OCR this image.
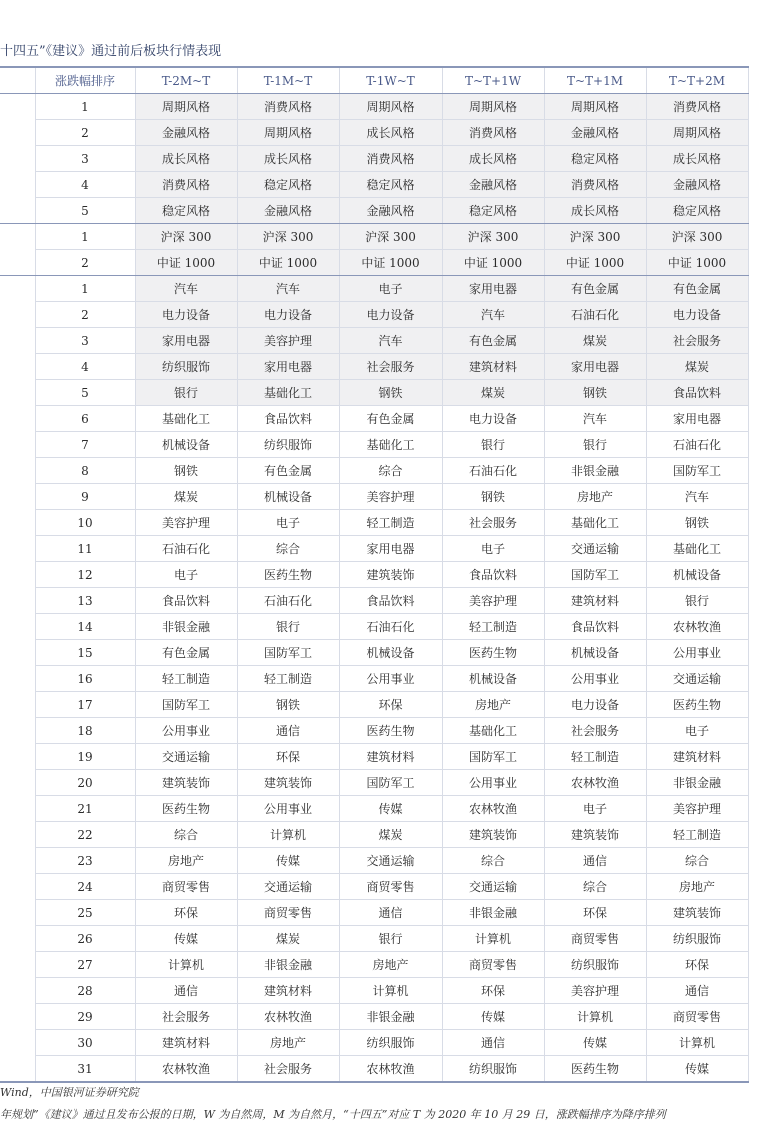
十四五”《建议》通过前后板块行情表现
	涨跌幅排序	T-2M~T	T-1M~T	T-1W~T	T~T+1W	T~T+1M	T~T+2M
	1	周期风格	消费风格	周期风格	周期风格	周期风格	消费风格
	2	金融风格	周期风格	成长风格	消费风格	金融风格	周期风格
	3	成长风格	成长风格	消费风格	成长风格	稳定风格	成长风格
	4	消费风格	稳定风格	稳定风格	金融风格	消费风格	金融风格
	5	稳定风格	金融风格	金融风格	稳定风格	成长风格	稳定风格
	1	沪深 300	沪深 300	沪深 300	沪深 300	沪深 300	沪深 300
	2	中证 1000	中证 1000	中证 1000	中证 1000	中证 1000	中证 1000
	1	汽车	汽车	电子	家用电器	有色金属	有色金属
	2	电力设备	电力设备	电力设备	汽车	石油石化	电力设备
	3	家用电器	美容护理	汽车	有色金属	煤炭	社会服务
	4	纺织服饰	家用电器	社会服务	建筑材料	家用电器	煤炭
	5	银行	基础化工	钢铁	煤炭	钢铁	食品饮料
	6	基础化工	食品饮料	有色金属	电力设备	汽车	家用电器
	7	机械设备	纺织服饰	基础化工	银行	银行	石油石化
	8	钢铁	有色金属	综合	石油石化	非银金融	国防军工
	9	煤炭	机械设备	美容护理	钢铁	房地产	汽车
	10	美容护理	电子	轻工制造	社会服务	基础化工	钢铁
	11	石油石化	综合	家用电器	电子	交通运输	基础化工
	12	电子	医药生物	建筑装饰	食品饮料	国防军工	机械设备
	13	食品饮料	石油石化	食品饮料	美容护理	建筑材料	银行
	14	非银金融	银行	石油石化	轻工制造	食品饮料	农林牧渔
	15	有色金属	国防军工	机械设备	医药生物	机械设备	公用事业
	16	轻工制造	轻工制造	公用事业	机械设备	公用事业	交通运输
	17	国防军工	钢铁	环保	房地产	电力设备	医药生物
	18	公用事业	通信	医药生物	基础化工	社会服务	电子
	19	交通运输	环保	建筑材料	国防军工	轻工制造	建筑材料
	20	建筑装饰	建筑装饰	国防军工	公用事业	农林牧渔	非银金融
	21	医药生物	公用事业	传媒	农林牧渔	电子	美容护理
	22	综合	计算机	煤炭	建筑装饰	建筑装饰	轻工制造
	23	房地产	传媒	交通运输	综合	通信	综合
	24	商贸零售	交通运输	商贸零售	交通运输	综合	房地产
	25	环保	商贸零售	通信	非银金融	环保	建筑装饰
	26	传媒	煤炭	银行	计算机	商贸零售	纺织服饰
	27	计算机	非银金融	房地产	商贸零售	纺织服饰	环保
	28	通信	建筑材料	计算机	环保	美容护理	通信
	29	社会服务	农林牧渔	非银金融	传媒	计算机	商贸零售
	30	建筑材料	房地产	纺织服饰	通信	传媒	计算机
	31	农林牧渔	社会服务	农林牧渔	纺织服饰	医药生物	传媒
Wind，中国银河证券研究院
年规划”《建议》通过且发布公报的日期，W 为自然周，M 为自然月，“十四五”对应 T 为 2020 年 10 月 29 日，涨跌幅排序为降序排列
